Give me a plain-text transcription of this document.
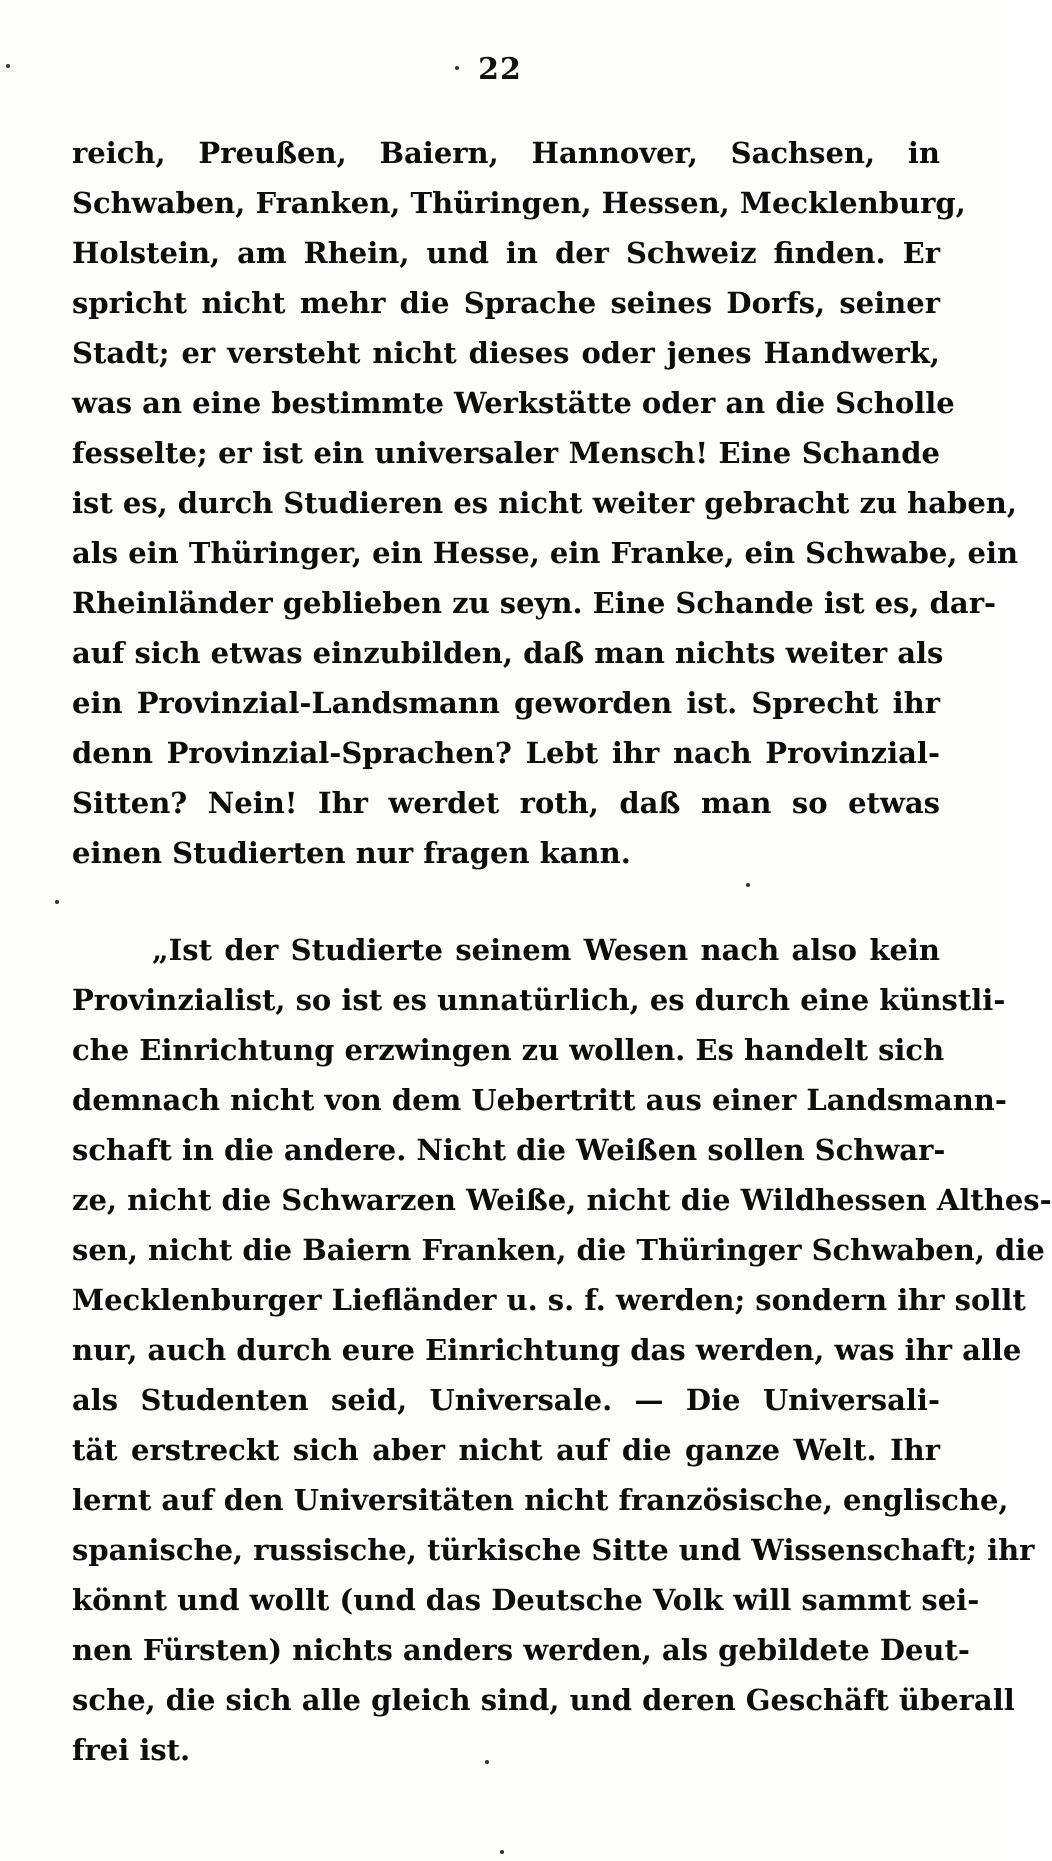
22
reich, Preußen, Baiern, Hannover, Sachsen, in
Schwaben, Franken, Thüringen, Hessen, Mecklenburg,
Holstein, am Rhein, und in der Schweiz finden. Er
spricht nicht mehr die Sprache seines Dorfs, seiner
Stadt; er versteht nicht dieses oder jenes Handwerk,
was an eine bestimmte Werkstätte oder an die Scholle
fesselte; er ist ein universaler Mensch! Eine Schande
ist es, durch Studieren es nicht weiter gebracht zu haben,
als ein Thüringer, ein Hesse, ein Franke, ein Schwabe, ein
Rheinländer geblieben zu seyn. Eine Schande ist es, dar-
auf sich etwas einzubilden, daß man nichts weiter als
ein Provinzial-Landsmann geworden ist. Sprecht ihr
denn Provinzial-Sprachen? Lebt ihr nach Provinzial-
Sitten? Nein! Ihr werdet roth, daß man so etwas
einen Studierten nur fragen kann.
„Ist der Studierte seinem Wesen nach also kein
Provinzialist, so ist es unnatürlich, es durch eine künstli-
che Einrichtung erzwingen zu wollen. Es handelt sich
demnach nicht von dem Uebertritt aus einer Landsmann-
schaft in die andere. Nicht die Weißen sollen Schwar-
ze, nicht die Schwarzen Weiße, nicht die Wildhessen Althes-
sen, nicht die Baiern Franken, die Thüringer Schwaben, die
Mecklenburger Liefländer u. s. f. werden; sondern ihr sollt
nur, auch durch eure Einrichtung das werden, was ihr alle
als Studenten seid, Universale. — Die Universali-
tät erstreckt sich aber nicht auf die ganze Welt. Ihr
lernt auf den Universitäten nicht französische, englische,
spanische, russische, türkische Sitte und Wissenschaft; ihr
könnt und wollt (und das Deutsche Volk will sammt sei-
nen Fürsten) nichts anders werden, als gebildete Deut-
sche, die sich alle gleich sind, und deren Geschäft überall
frei ist.
